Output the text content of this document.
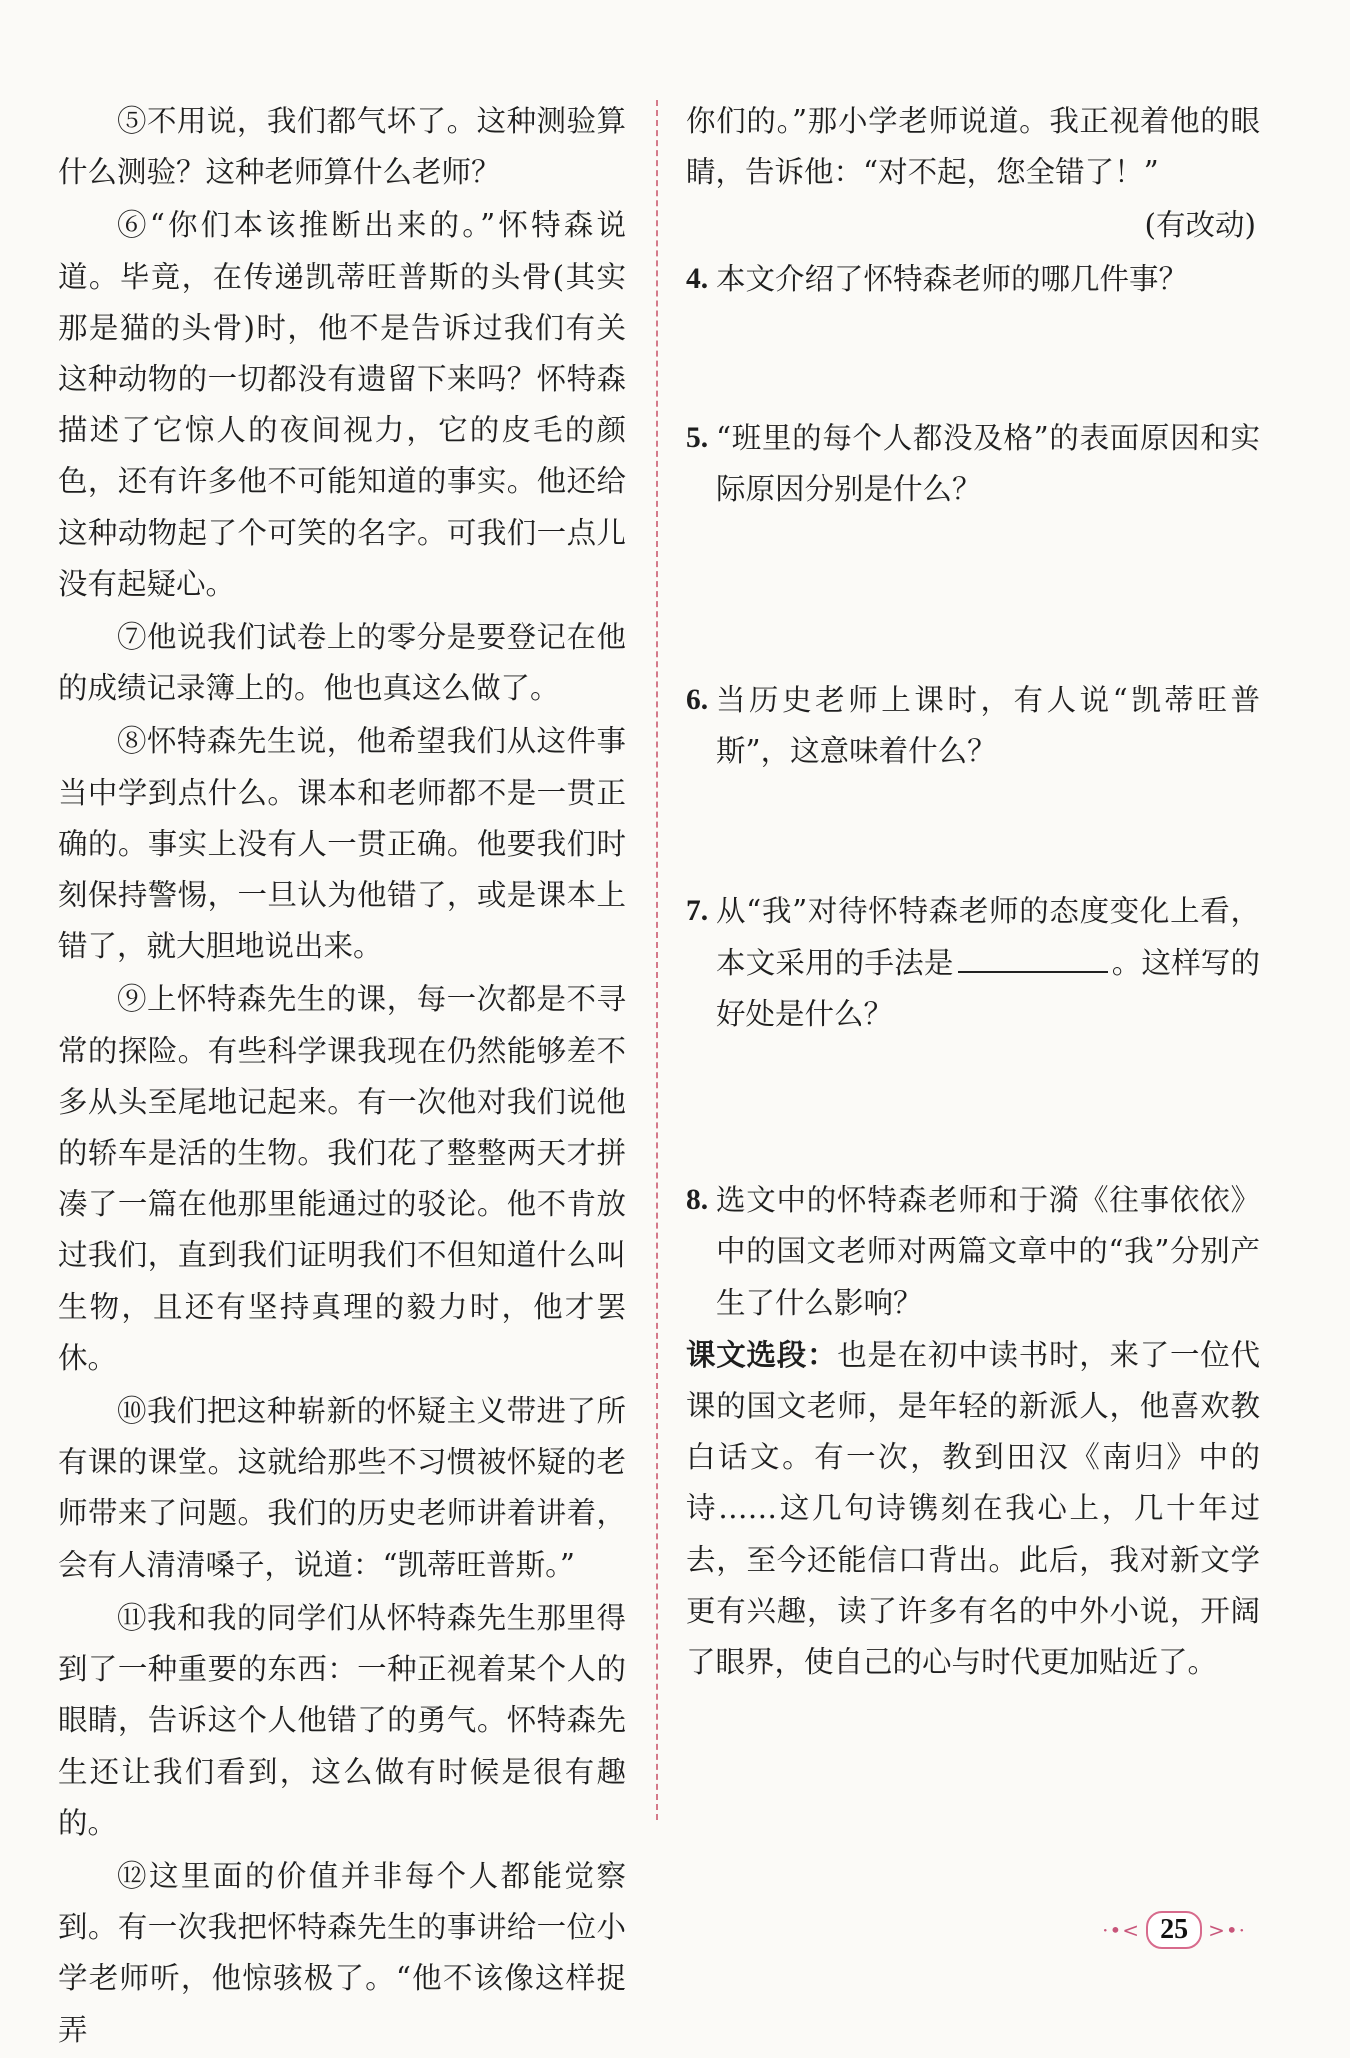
⑤不用说，我们都气坏了。这种测验算什么测验？这种老师算什么老师？

⑥“你们本该推断出来的。”怀特森说道。毕竟，在传递凯蒂旺普斯的头骨(其实那是猫的头骨)时，他不是告诉过我们有关这种动物的一切都没有遗留下来吗？怀特森描述了它惊人的夜间视力，它的皮毛的颜色，还有许多他不可能知道的事实。他还给这种动物起了个可笑的名字。可我们一点儿没有起疑心。

⑦他说我们试卷上的零分是要登记在他的成绩记录簿上的。他也真这么做了。

⑧怀特森先生说，他希望我们从这件事当中学到点什么。课本和老师都不是一贯正确的。事实上没有人一贯正确。他要我们时刻保持警惕，一旦认为他错了，或是课本上错了，就大胆地说出来。

⑨上怀特森先生的课，每一次都是不寻常的探险。有些科学课我现在仍然能够差不多从头至尾地记起来。有一次他对我们说他的轿车是活的生物。我们花了整整两天才拼凑了一篇在他那里能通过的驳论。他不肯放过我们，直到我们证明我们不但知道什么叫生物，且还有坚持真理的毅力时，他才罢休。

⑩我们把这种崭新的怀疑主义带进了所有课的课堂。这就给那些不习惯被怀疑的老师带来了问题。我们的历史老师讲着讲着，会有人清清嗓子，说道：“凯蒂旺普斯。”

⑪我和我的同学们从怀特森先生那里得到了一种重要的东西：一种正视着某个人的眼睛，告诉这个人他错了的勇气。怀特森先生还让我们看到，这么做有时候是很有趣的。

⑫这里面的价值并非每个人都能觉察到。有一次我把怀特森先生的事讲给一位小学老师听，他惊骇极了。“他不该像这样捉弄

你们的。”那小学老师说道。我正视着他的眼睛，告诉他：“对不起，您全错了！”

(有改动)

4. 本文介绍了怀特森老师的哪几件事？
5. “班里的每个人都没及格”的表面原因和实际原因分别是什么？
6. 当历史老师上课时，有人说“凯蒂旺普斯”，这意味着什么？
7. 从“我”对待怀特森老师的态度变化上看，本文采用的手法是	。这样写的好处是什么？
8. 选文中的怀特森老师和于漪《往事依依》中的国文老师对两篇文章中的“我”分别产生了什么影响？

课文选段：也是在初中读书时，来了一位代课的国文老师，是年轻的新派人，他喜欢教白话文。有一次，教到田汉《南归》中的诗……这几句诗镌刻在我心上，几十年过去，至今还能信口背出。此后，我对新文学更有兴趣，读了许多有名的中外小说，开阔了眼界，使自己的心与时代更加贴近了。

·•< 25	>•·
